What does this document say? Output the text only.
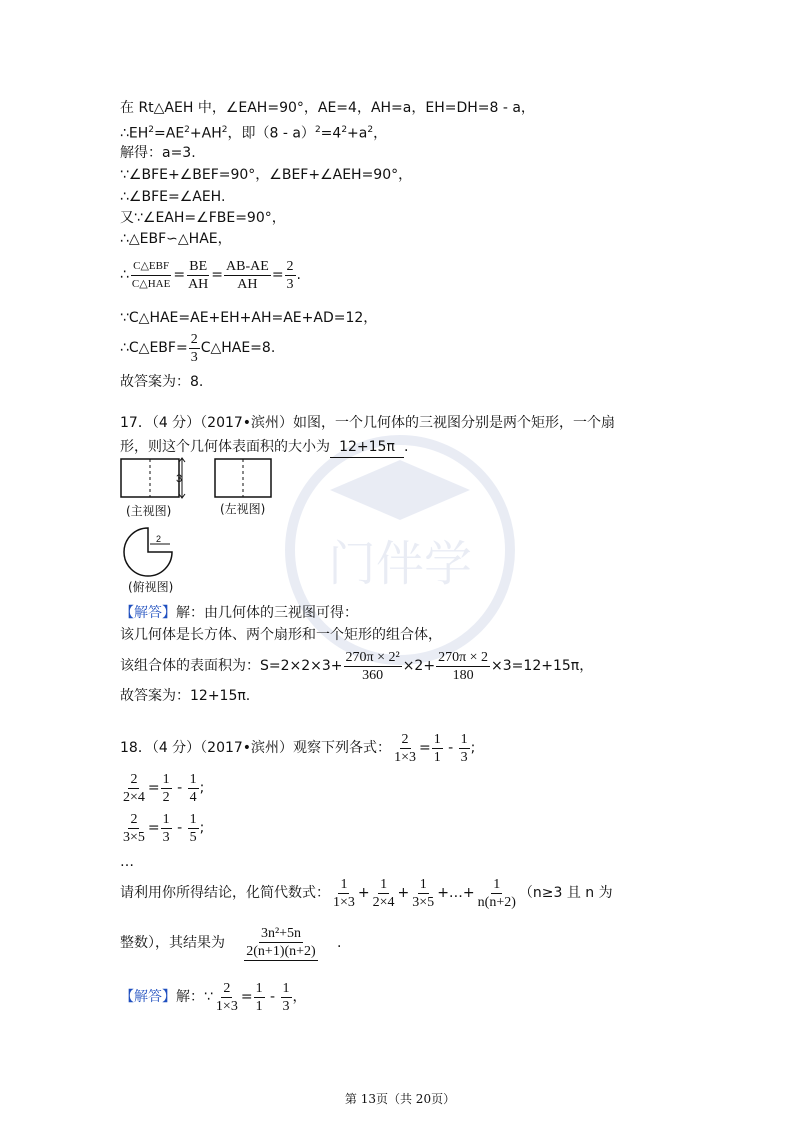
门伴学
在 Rt△AEH 中，∠EAH=90°，AE=4，AH=a，EH=DH=8 - a，
$\therefore EH^2=AE^2+AH^2$，即$(8 - a)^2=4^2+a^2$，
解得：a=3.
∵∠BFE+∠BEF=90°，∠BEF+∠AEH=90°，
∴∠BFE=∠AEH.
又∵∠EAH=∠FBE=90°，
∴△EBF∽△HAE，
∴ $\frac{\text{C△EBF}}{\text{C△HAE}} = \frac{BE}{AH} = \frac{AB-AE}{AH} = \frac{2}{3}$ .
∵C△HAE=AE+EH+AH=AE+AD=12，
∴C△EBF= $\frac{2}{3}$ C△HAE=8.
故答案为：8.
17．（4 分）（2017•滨州）如图，一个几何体的三视图分别是两个矩形，一个扇
形，则这个几何体表面积的大小为 12+15π .
3
(主视图)	(左视图)
2
(俯视图)
【解答】解：由几何体的三视图可得：
该几何体是长方体、两个扇形和一个矩形的组合体，
该组合体的表面积为：$S=2\times 2\times 3+ \frac{\text{270π × 2²}}{360} \times 2+ \frac{270\pi \times 2}{180} \times 3=12+15\pi$，
故答案为：12+15π.
18．（4 分）（2017•滨州）观察下列各式： $\frac{2}{1\times 3} = \frac{1}{1} - \frac{1}{3}$ ;
$\frac{2}{2\times 4} = \frac{1}{2} - \frac{1}{4}$ ;
$\frac{2}{3\times 5} = \frac{1}{3} - \frac{1}{5}$ ;
…
请利用你所得结论，化简代数式： $\frac{1}{1\times 3} + \frac{1}{2\times 4} + \frac{1}{3\times 5}$ +…+ $\frac{1}{n(n+2)} (n\ge 3$ 且 n 为
整数），其结果为 $\frac{\text{3n²+5n}}{2(n+1)(n+2)}$ .
【解答】解：∵ $\frac{2}{1\times 3} = \frac{1}{1} - \frac{1}{3}$ ，
第 13页（共 20页）
